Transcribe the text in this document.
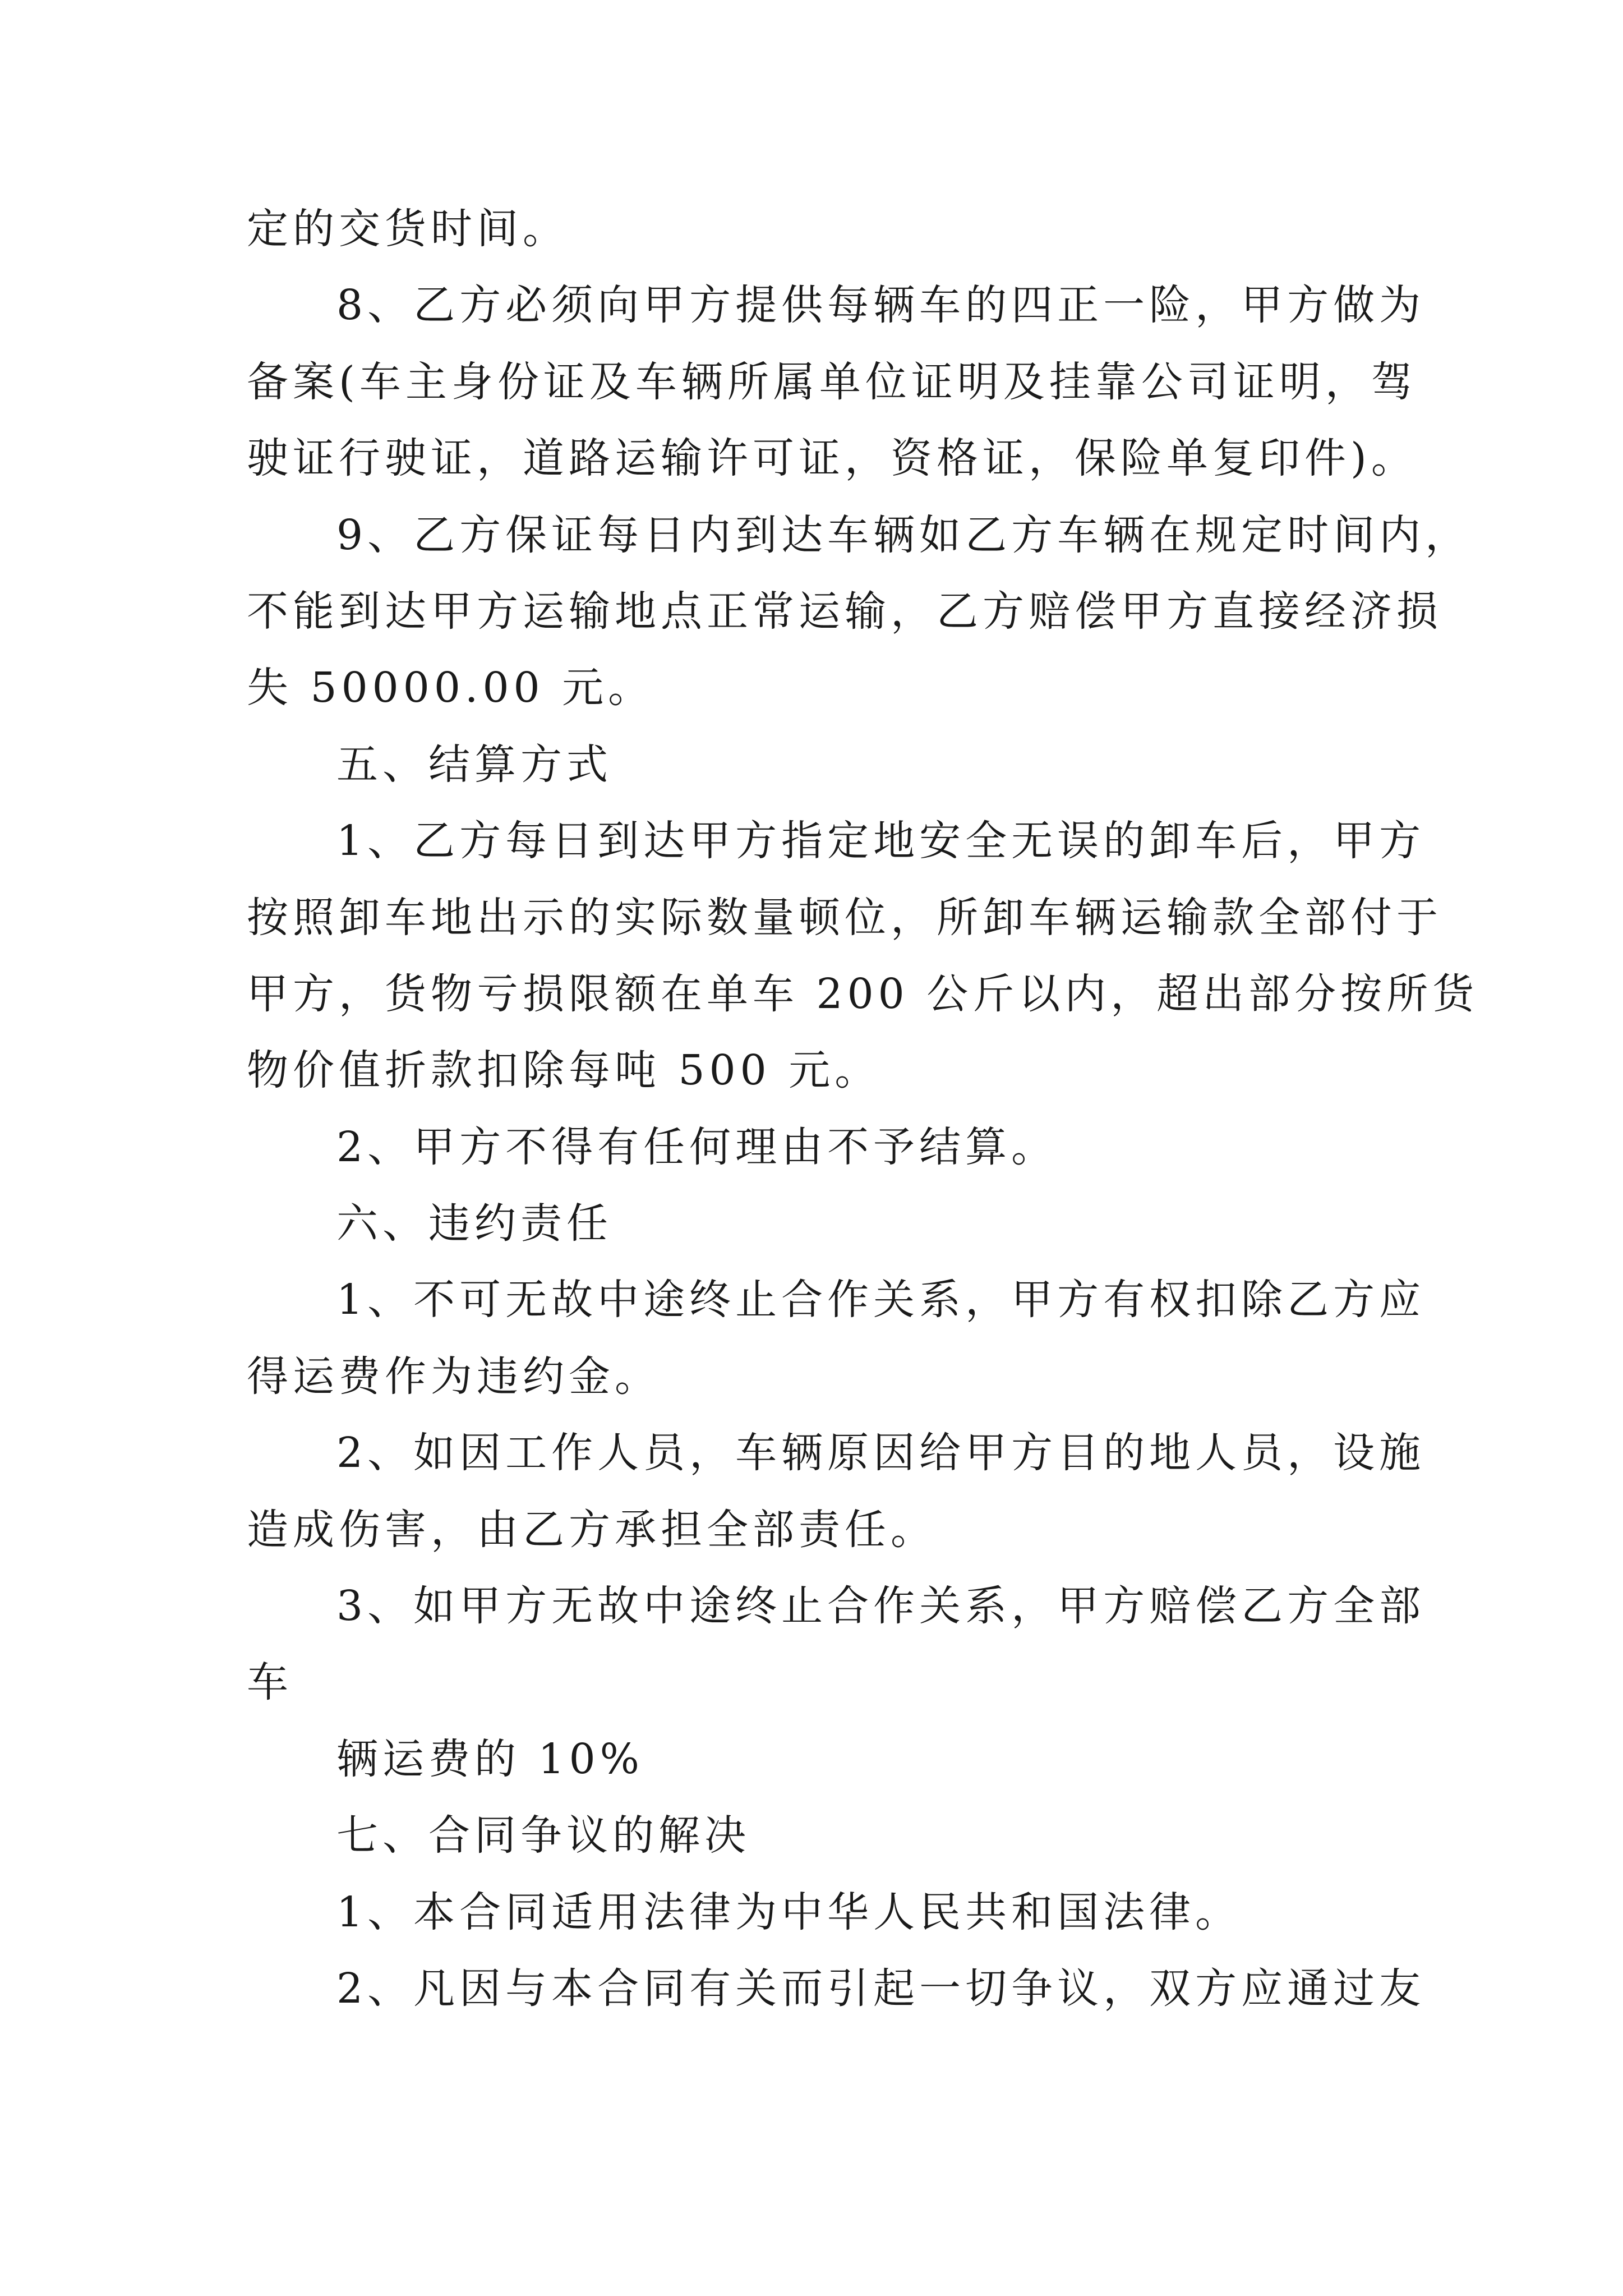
定的交货时间。
8、乙方必须向甲方提供每辆车的四正一险，甲方做为
备案(车主身份证及车辆所属单位证明及挂靠公司证明，驾
驶证行驶证，道路运输许可证，资格证，保险单复印件)。
9、乙方保证每日内到达车辆如乙方车辆在规定时间内，
不能到达甲方运输地点正常运输，乙方赔偿甲方直接经济损
失 50000.00 元。
五、结算方式
1、乙方每日到达甲方指定地安全无误的卸车后，甲方
按照卸车地出示的实际数量顿位，所卸车辆运输款全部付于
甲方，货物亏损限额在单车 200 公斤以内，超出部分按所货
物价值折款扣除每吨 500 元。
2、甲方不得有任何理由不予结算。
六、违约责任
1、不可无故中途终止合作关系，甲方有权扣除乙方应
得运费作为违约金。
2、如因工作人员，车辆原因给甲方目的地人员，设施
造成伤害，由乙方承担全部责任。
3、如甲方无故中途终止合作关系，甲方赔偿乙方全部
车
辆运费的 10%
七、合同争议的解决
1、本合同适用法律为中华人民共和国法律。
2、凡因与本合同有关而引起一切争议，双方应通过友
